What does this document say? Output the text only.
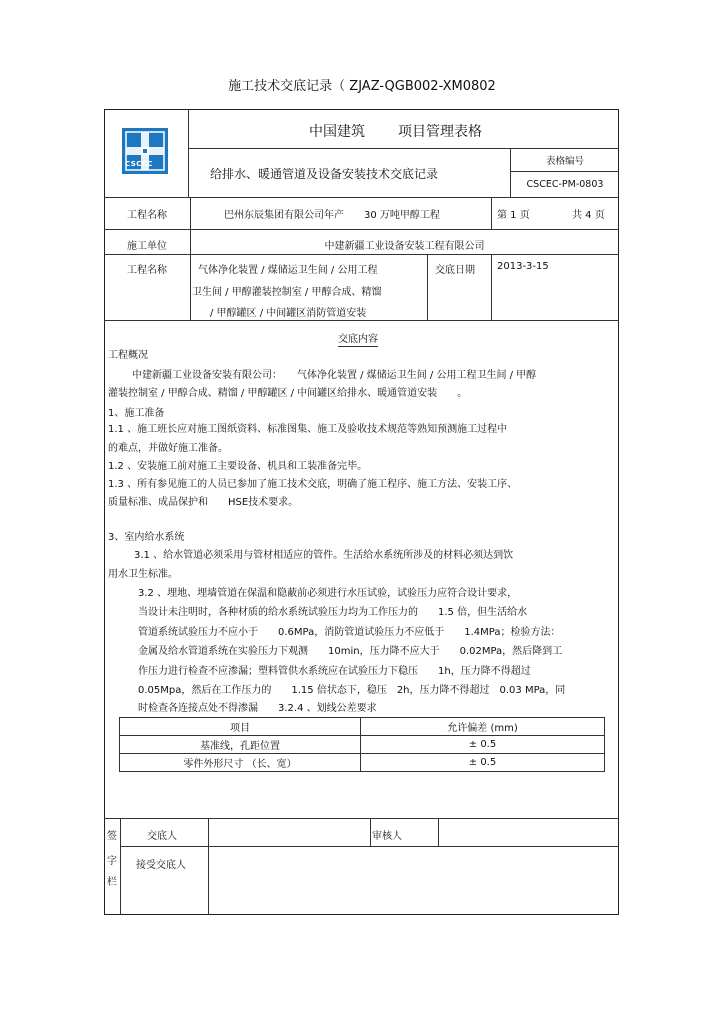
施工技术交底记录（ ZJAZ-QGB002-XM0802
CSCEC
中国建筑 项目管理表格
给排水、暖通管道及设备安装技术交底记录
表格编号
CSCEC-PM-0803
工程名称	巴州东辰集团有限公司年产　　30 万吨甲醇工程	第 1 页	共 4 页
施工单位	中建新疆工业设备安装工程有限公司
工程名称	气体净化装置 / 煤储运卫生间 / 公用工程
卫生间 / 甲醇灌装控制室 / 甲醇合成、精馏
/ 甲醇罐区 / 中间罐区消防管道安装
交底日期 2013-3-15
交底内容
工程概况
中建新疆工业设备安装有限公司：　　气体净化装置 / 煤储运卫生间 / 公用工程卫生间 / 甲醇
灌装控制室 / 甲醇合成、精馏 / 甲醇罐区 / 中间罐区给排水、暖通管道安装　　。
1、施工准备
1.1 、施工班长应对施工图纸资料、标准图集、施工及验收技术规范等熟知预测施工过程中
的难点，并做好施工准备。
1.2 、安装施工前对施工主要设备、机具和工装准备完毕。
1.3 、所有参见施工的人员已参加了施工技术交底，明确了施工程序、施工方法、安装工序、
质量标准、成品保护和　　HSE技术要求。
3、室内给水系统
3.1 、给水管道必须采用与管材相适应的管件。生活给水系统所涉及的材料必须达到饮
用水卫生标准。
3.2 、埋地、埋墙管道在保温和隐蔽前必须进行水压试验，试验压力应符合设计要求，
当设计未注明时，各种材质的给水系统试验压力均为工作压力的　　1.5 倍，但生活给水
管道系统试验压力不应小于　　0.6MPa，消防管道试验压力不应低于　　1.4MPa；检验方法：
金属及给水管道系统在实验压力下观测　　10min，压力降不应大于　　0.02MPa，然后降到工
作压力进行检查不应渗漏；塑料管供水系统应在试验压力下稳压　　1h，压力降不得超过
0.05Mpa，然后在工作压力的　　1.15 倍状态下，稳压　2h，压力降不得超过　0.03 MPa，同
时检查各连接点处不得渗漏　　3.2.4 、划线公差要求
项目	允许偏差 (mm)
基准线，孔距位置	± 0.5
零件外形尺寸 （长、宽）	± 0.5
签
字
栏
交底人	审核人
接受交底人
